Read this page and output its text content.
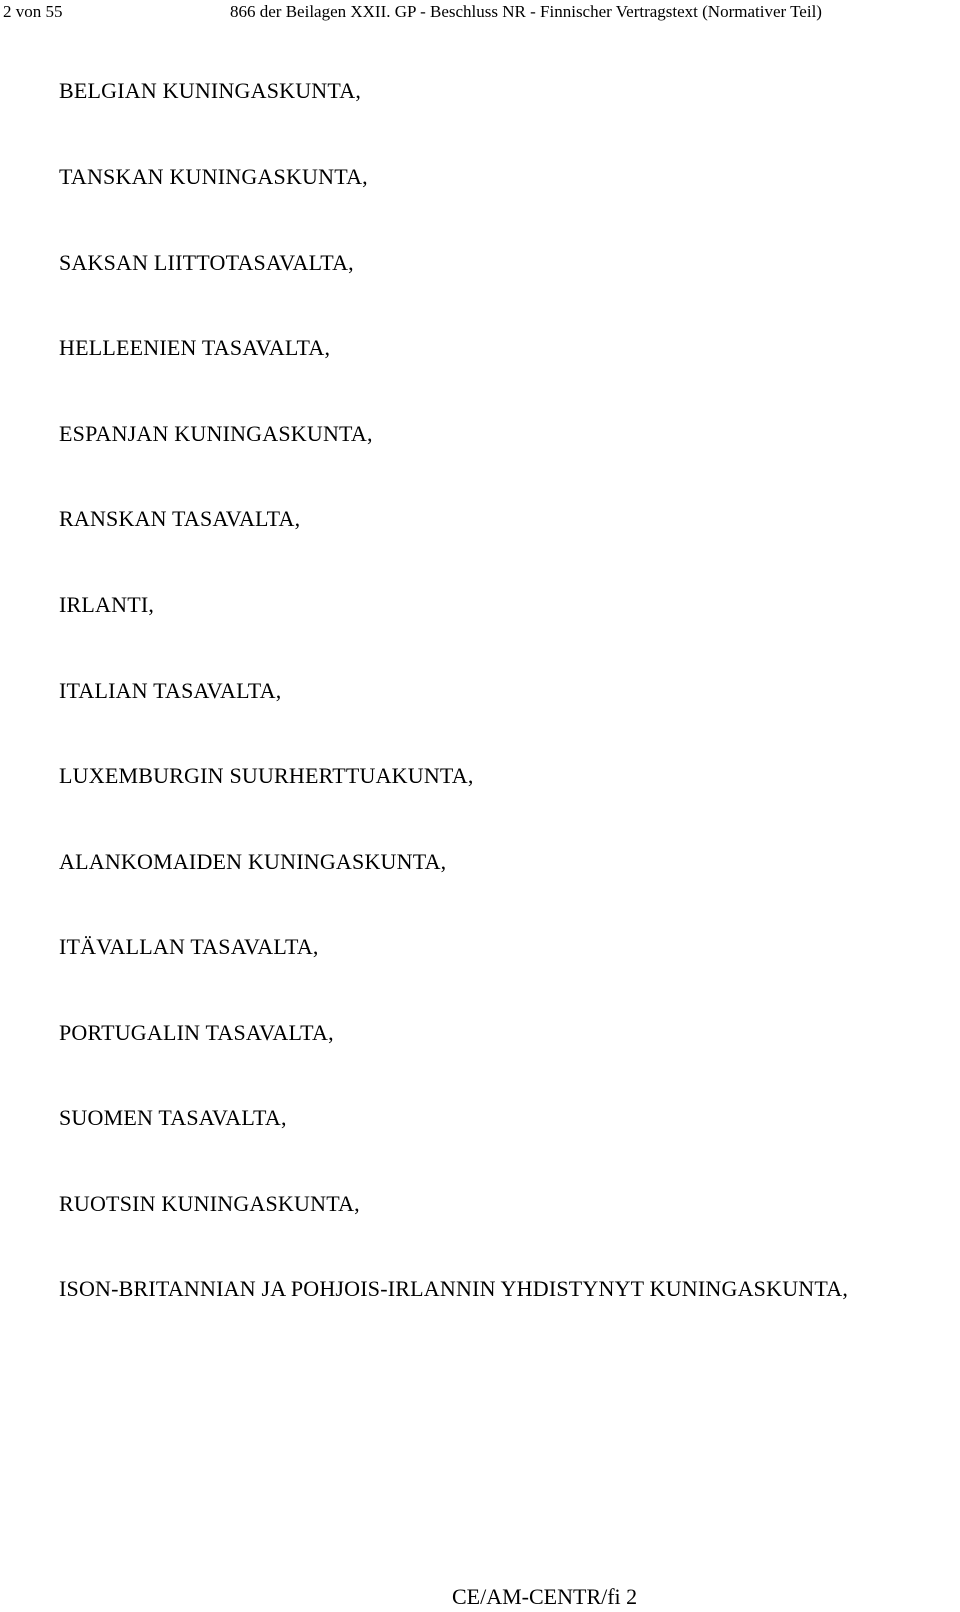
2 von 55	866 der Beilagen XXII. GP - Beschluss NR - Finnischer Vertragstext (Normativer Teil)
BELGIAN KUNINGASKUNTA,
TANSKAN KUNINGASKUNTA,
SAKSAN LIITTOTASAVALTA,
HELLEENIEN TASAVALTA,
ESPANJAN KUNINGASKUNTA,
RANSKAN TASAVALTA,
IRLANTI,
ITALIAN TASAVALTA,
LUXEMBURGIN SUURHERTTUAKUNTA,
ALANKOMAIDEN KUNINGASKUNTA,
ITÄVALLAN TASAVALTA,
PORTUGALIN TASAVALTA,
SUOMEN TASAVALTA,
RUOTSIN KUNINGASKUNTA,
ISON-BRITANNIAN JA POHJOIS-IRLANNIN YHDISTYNYT KUNINGASKUNTA,
CE/AM-CENTR/fi 2
